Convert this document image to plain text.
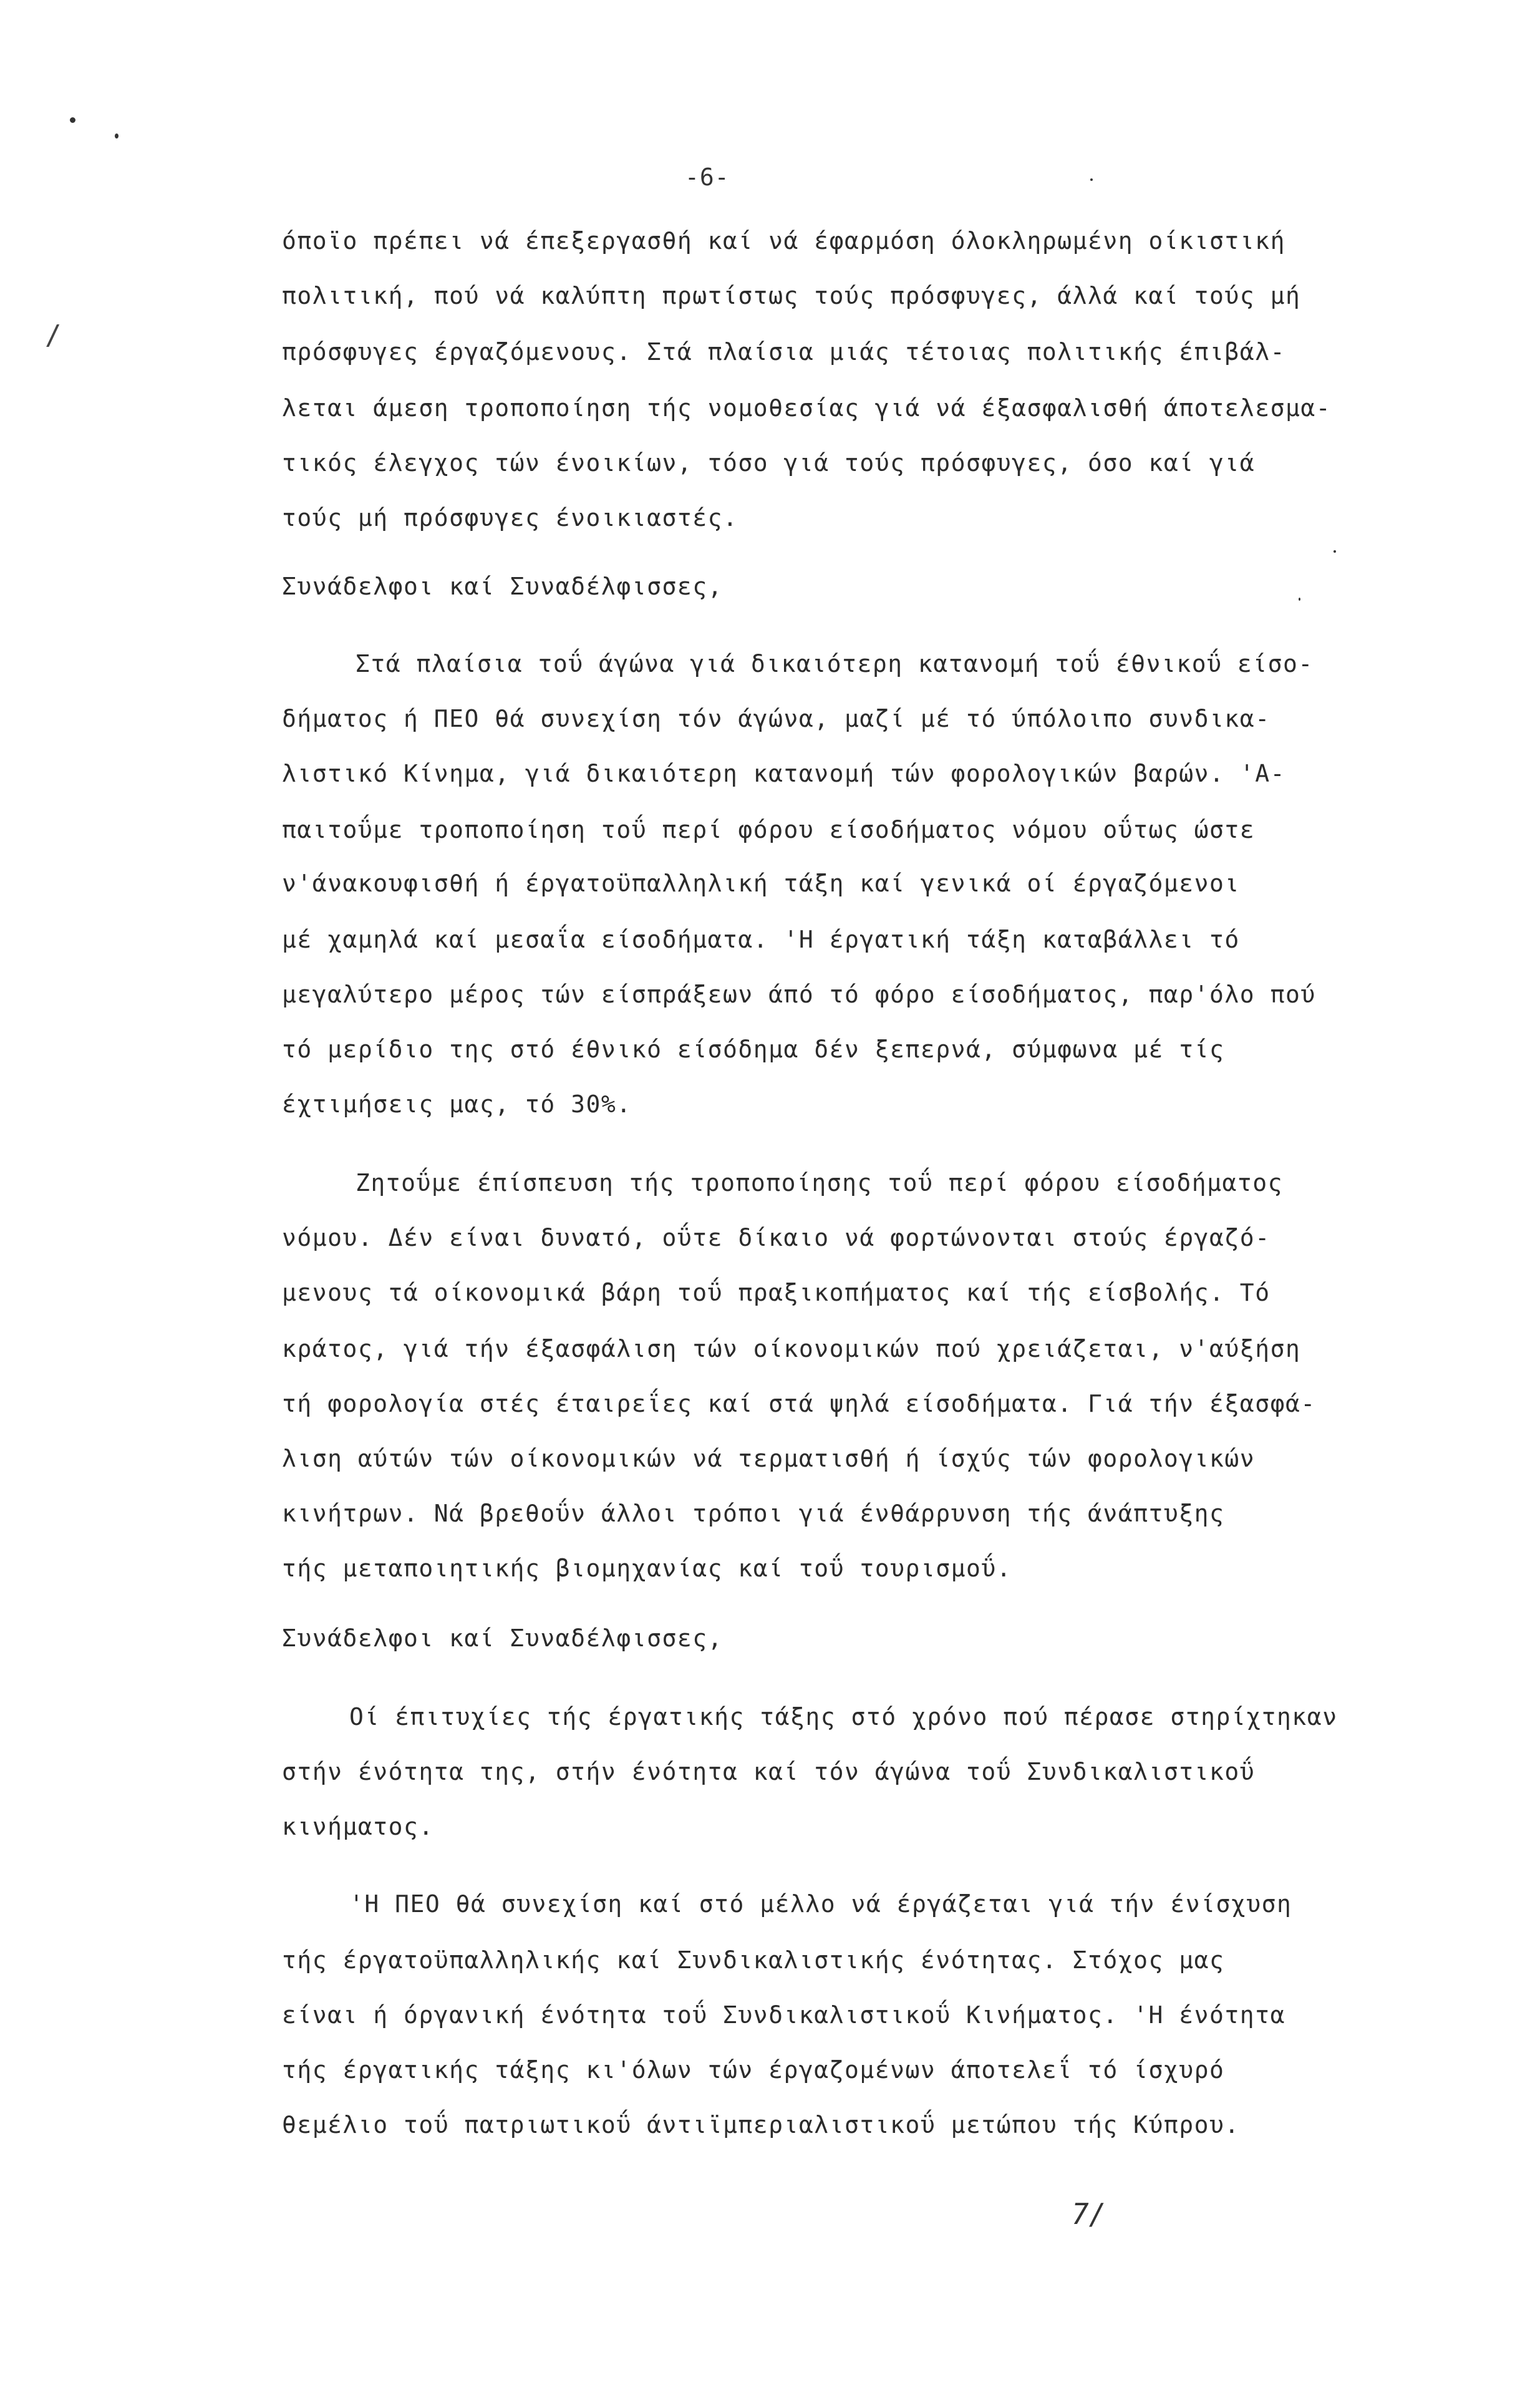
/
-6-
όποϊο πρέπει νά έπεξεργασθή καί νά έφαρμόση όλοκληρωμένη οίκιστική
πολιτική, πού νά καλύπτη πρωτίστως τούς πρόσφυγες, άλλά καί τούς μή
πρόσφυγες έργαζόμενους. Στά πλαίσια μιάς τέτοιας πολιτικής έπιβάλ-
λεται άμεση τροποποίηση τής νομοθεσίας γιά νά έξασφαλισθή άποτελεσμα-
τικός έλεγχος τών ένοικίων, τόσο γιά τούς πρόσφυγες, όσο καί γιά
τούς μή πρόσφυγες ένοικιαστές.
Συνάδελφοι καί Συναδέλφισσες,
Στά πλαίσια τοΰ άγώνα γιά δικαιότερη κατανομή τοΰ έθνικοΰ είσο-
δήματος ή ΠΕΟ θά συνεχίση τόν άγώνα, μαζί μέ τό ύπόλοιπο συνδικα-
λιστικό Κίνημα, γιά δικαιότερη κατανομή τών φορολογικών βαρών. 'Α-
παιτοΰμε τροποποίηση τοΰ περί φόρου είσοδήματος νόμου οΰτως ώστε
ν'άνακουφισθή ή έργατοϋπαλληλική τάξη καί γενικά οί έργαζόμενοι
μέ χαμηλά καί μεσαΐα είσοδήματα. 'Η έργατική τάξη καταβάλλει τό
μεγαλύτερο μέρος τών είσπράξεων άπό τό φόρο είσοδήματος, παρ'όλο πού
τό μερίδιο της στό έθνικό είσόδημα δέν ξεπερνά, σύμφωνα μέ τίς
έχτιμήσεις μας, τό 30%.
Ζητοΰμε έπίσπευση τής τροποποίησης τοΰ περί φόρου είσοδήματος
νόμου. Δέν είναι δυνατό, οΰτε δίκαιο νά φορτώνονται στούς έργαζό-
μενους τά οίκονομικά βάρη τοΰ πραξικοπήματος καί τής είσβολής. Τό
κράτος, γιά τήν έξασφάλιση τών οίκονομικών πού χρειάζεται, ν'αύξήση
τή φορολογία στές έταιρεΐες καί στά ψηλά είσοδήματα. Γιά τήν έξασφά-
λιση αύτών τών οίκονομικών νά τερματισθή ή ίσχύς τών φορολογικών
κινήτρων. Νά βρεθοΰν άλλοι τρόποι γιά ένθάρρυνση τής άνάπτυξης
τής μεταποιητικής βιομηχανίας καί τοΰ τουρισμοΰ.
Συνάδελφοι καί Συναδέλφισσες,
Οί έπιτυχίες τής έργατικής τάξης στό χρόνο πού πέρασε στηρίχτηκαν
στήν ένότητα της, στήν ένότητα καί τόν άγώνα τοΰ Συνδικαλιστικοΰ
κινήματος.
'Η ΠΕΟ θά συνεχίση καί στό μέλλο νά έργάζεται γιά τήν ένίσχυση
τής έργατοϋπαλληλικής καί Συνδικαλιστικής ένότητας. Στόχος μας
είναι ή όργανική ένότητα τοΰ Συνδικαλιστικοΰ Κινήματος. 'Η ένότητα
τής έργατικής τάξης κι'όλων τών έργαζομένων άποτελεΐ τό ίσχυρό
θεμέλιο τοΰ πατριωτικοΰ άντιϊμπεριαλιστικοΰ μετώπου τής Κύπρου.
7/
